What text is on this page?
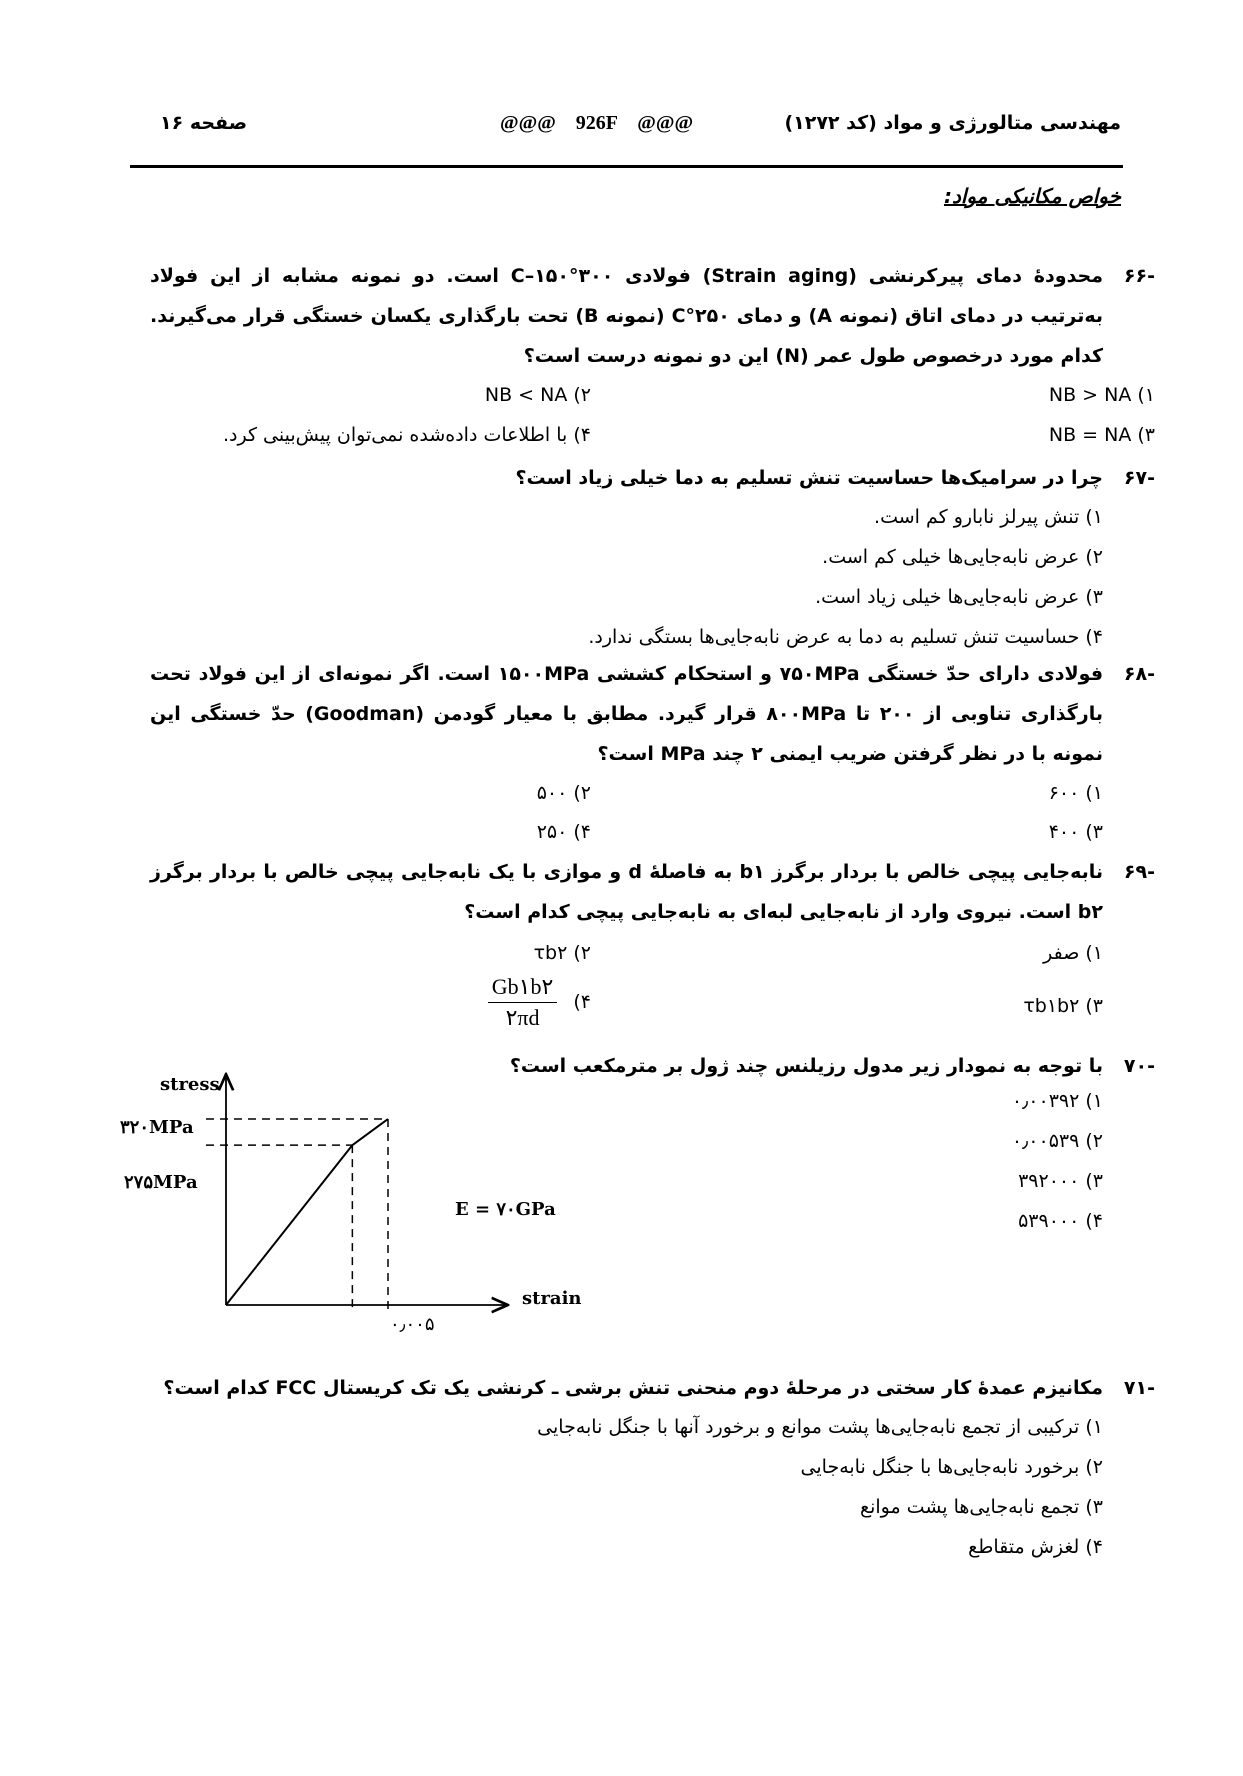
صفحه ۱۶	@@@    926F    @@@	مهندسی متالورژی و مواد (کد ۱۲۷۲)
خواص مکانیکی مواد:
-۶۶
محدودهٔ دمای پیرکرنشی (Strain aging) فولادی ۳۰۰°C–۱۵۰ است. دو نمونه مشابه از این فولاد به‌ترتیب در دمای اتاق (نمونه A) و دمای ۲۵۰°C (نمونه B) تحت بارگذاری یکسان خستگی قرار می‌گیرند. کدام مورد درخصوص طول عمر (N) این دو نمونه درست است؟
۱) NB > NA
۲) NB < NA
۳) NB = NA
۴) با اطلاعات داده‌شده نمی‌توان پیش‌بینی کرد.
-۶۷
چرا در سرامیک‌ها حساسیت تنش تسلیم به دما خیلی زیاد است؟
۱) تنش پیرلز نابارو کم است.
۲) عرض نابه‌جایی‌ها خیلی کم است.
۳) عرض نابه‌جایی‌ها خیلی زیاد است.
۴) حساسیت تنش تسلیم به دما به عرض نابه‌جایی‌ها بستگی ندارد.
-۶۸
فولادی دارای حدّ خستگی ۷۵۰MPa و استحکام کششی ۱۵۰۰MPa است. اگر نمونه‌ای از این فولاد تحت بارگذاری تناوبی از ۲۰۰ تا ۸۰۰MPa قرار گیرد. مطابق با معیار گودمن (Goodman) حدّ خستگی این نمونه با در نظر گرفتن ضریب ایمنی ۲ چند MPa است؟
۱) ۶۰۰
۲) ۵۰۰
۳) ۴۰۰
۴) ۲۵۰
-۶۹
نابه‌جایی پیچی خالص با بردار برگرز b۱ به فاصلهٔ d و موازی با یک نابه‌جایی پیچی خالص با بردار برگرز b۲ است. نیروی وارد از نابه‌جایی لبه‌ای به نابه‌جایی پیچی کدام است؟
۱) صفر
۲) τb۲
۳) τb۱b۲
۴)
$\frac{Gb۱b۲}{۲\pi d}$
-۷۰
با توجه به نمودار زیر مدول رزیلنس چند ژول بر مترمکعب است؟
۱) ۰٫۰۰۳۹۲
۲) ۰٫۰۰۵۳۹
۳) ۳۹۲۰۰۰
۴) ۵۳۹۰۰۰
stress
strain
۳۲۰MPa
۲۷۵MPa
۰٫۰۰۵
E = ۷۰GPa
-۷۱
مکانیزم عمدهٔ کار سختی در مرحلهٔ دوم منحنی تنش برشی ـ کرنشی یک تک کریستال FCC کدام است؟
۱) ترکیبی از تجمع نابه‌جایی‌ها پشت موانع و برخورد آنها با جنگل نابه‌جایی
۲) برخورد نابه‌جایی‌ها با جنگل نابه‌جایی
۳) تجمع نابه‌جایی‌ها پشت موانع
۴) لغزش متقاطع
